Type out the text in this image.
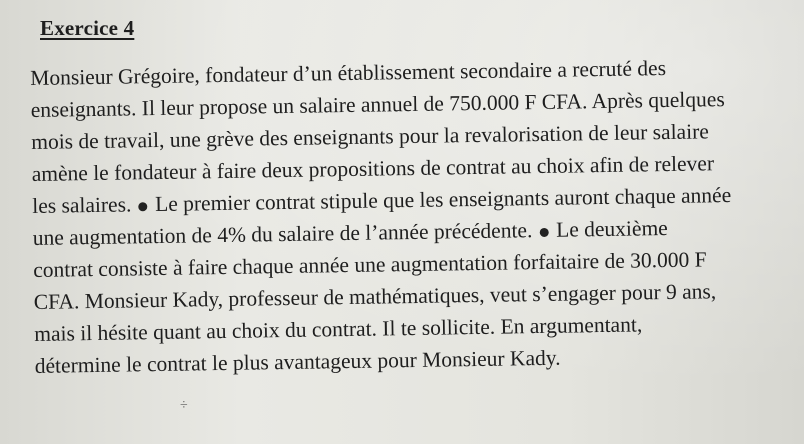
Exercice 4
Monsieur Grégoire, fondateur d’un établissement secondaire a recruté des
enseignants. Il leur propose un salaire annuel de 750.000 F CFA. Après quelques
mois de travail, une grève des enseignants pour la revalorisation de leur salaire
amène le fondateur à faire deux propositions de contrat au choix afin de relever
les salaires. Le premier contrat stipule que les enseignants auront chaque année
une augmentation de 4% du salaire de l’année précédente. Le deuxième
contrat consiste à faire chaque année une augmentation forfaitaire de 30.000 F
CFA. Monsieur Kady, professeur de mathématiques, veut s’engager pour 9 ans,
mais il hésite quant au choix du contrat. Il te sollicite. En argumentant,
détermine le contrat le plus avantageux pour Monsieur Kady.
÷
